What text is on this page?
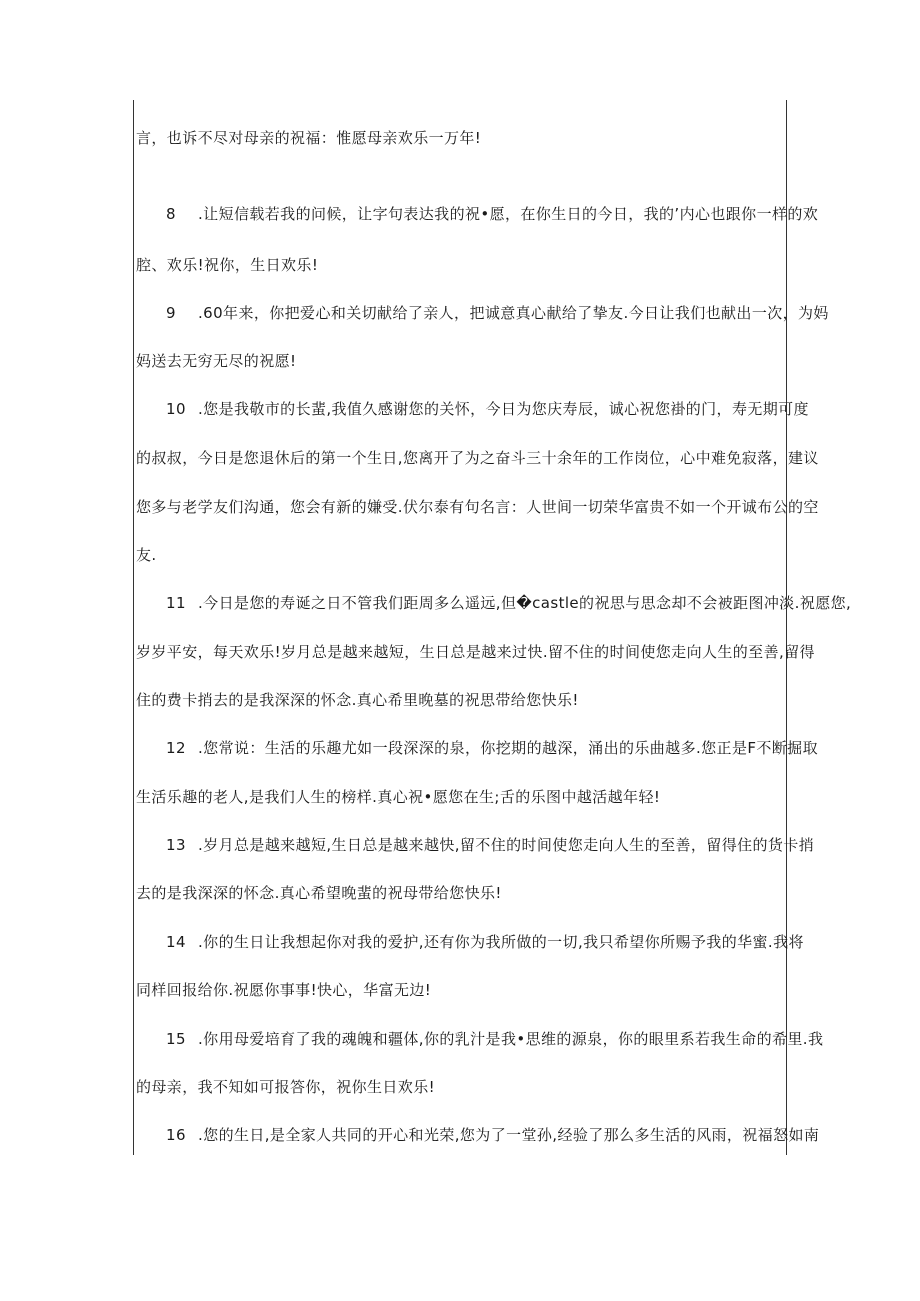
言，也诉不尽对母亲的祝福：惟愿母亲欢乐一万年!
8 .让短信载若我的问候，让字句表达我的祝•愿，在你生日的今日，我的’内心也跟你一样的欢
腔、欢乐!祝你，生日欢乐!
9 .60年来，你把爱心和关切献给了亲人，把诚意真心献给了挚友.今日让我们也献出一次，为妈
妈送去无穷无尽的祝愿!
10 .您是我敬市的长蜚,我值久感谢您的关怀，今日为您庆寿辰，诚心祝您褂的门，寿无期可度
的叔叔，今日是您退休后的第一个生日,您离开了为之奋斗三十余年的工作岗位，心中难免寂落，建议
您多与老学友们沟通，您会有新的嫌受.伏尔泰有句名言：人世间一切荣华富贵不如一个开诚布公的空
友.
11 .今日是您的寿诞之日不管我们距周多么遥远,但�castle的祝思与思念却不会被距图冲淡.祝愿您,
岁岁平安，每天欢乐!岁月总是越来越短，生日总是越来过快.留不住的时间使您走向人生的至善,留得
住的费卡捎去的是我深深的怀念.真心希里晚墓的祝思带给您快乐!
12 .您常说：生活的乐趣尤如一段深深的泉，你挖期的越深，涌出的乐曲越多.您正是F不断掘取
生活乐趣的老人,是我们人生的榜样.真心祝•愿您在生;舌的乐图中越活越年轻!
13 .岁月总是越来越短,生日总是越来越快,留不住的时间使您走向人生的至善，留得住的货卡捎
去的是我深深的怀念.真心希望晚蜚的祝母带给您快乐!
14 .你的生日让我想起你对我的爱护,还有你为我所做的一切,我只希望你所赐予我的华蜜.我将
同样回报给你.祝愿你事事!快心，华富无边!
15 .你用母爱培育了我的魂魄和疆体,你的乳汁是我•思维的源泉，你的眼里系若我生命的希里.我
的母亲，我不知如可报答你，祝你生日欢乐!
16 .您的生日,是全家人共同的开心和光荣,您为了一堂孙,经验了那么多生活的风雨，祝福怒如南
